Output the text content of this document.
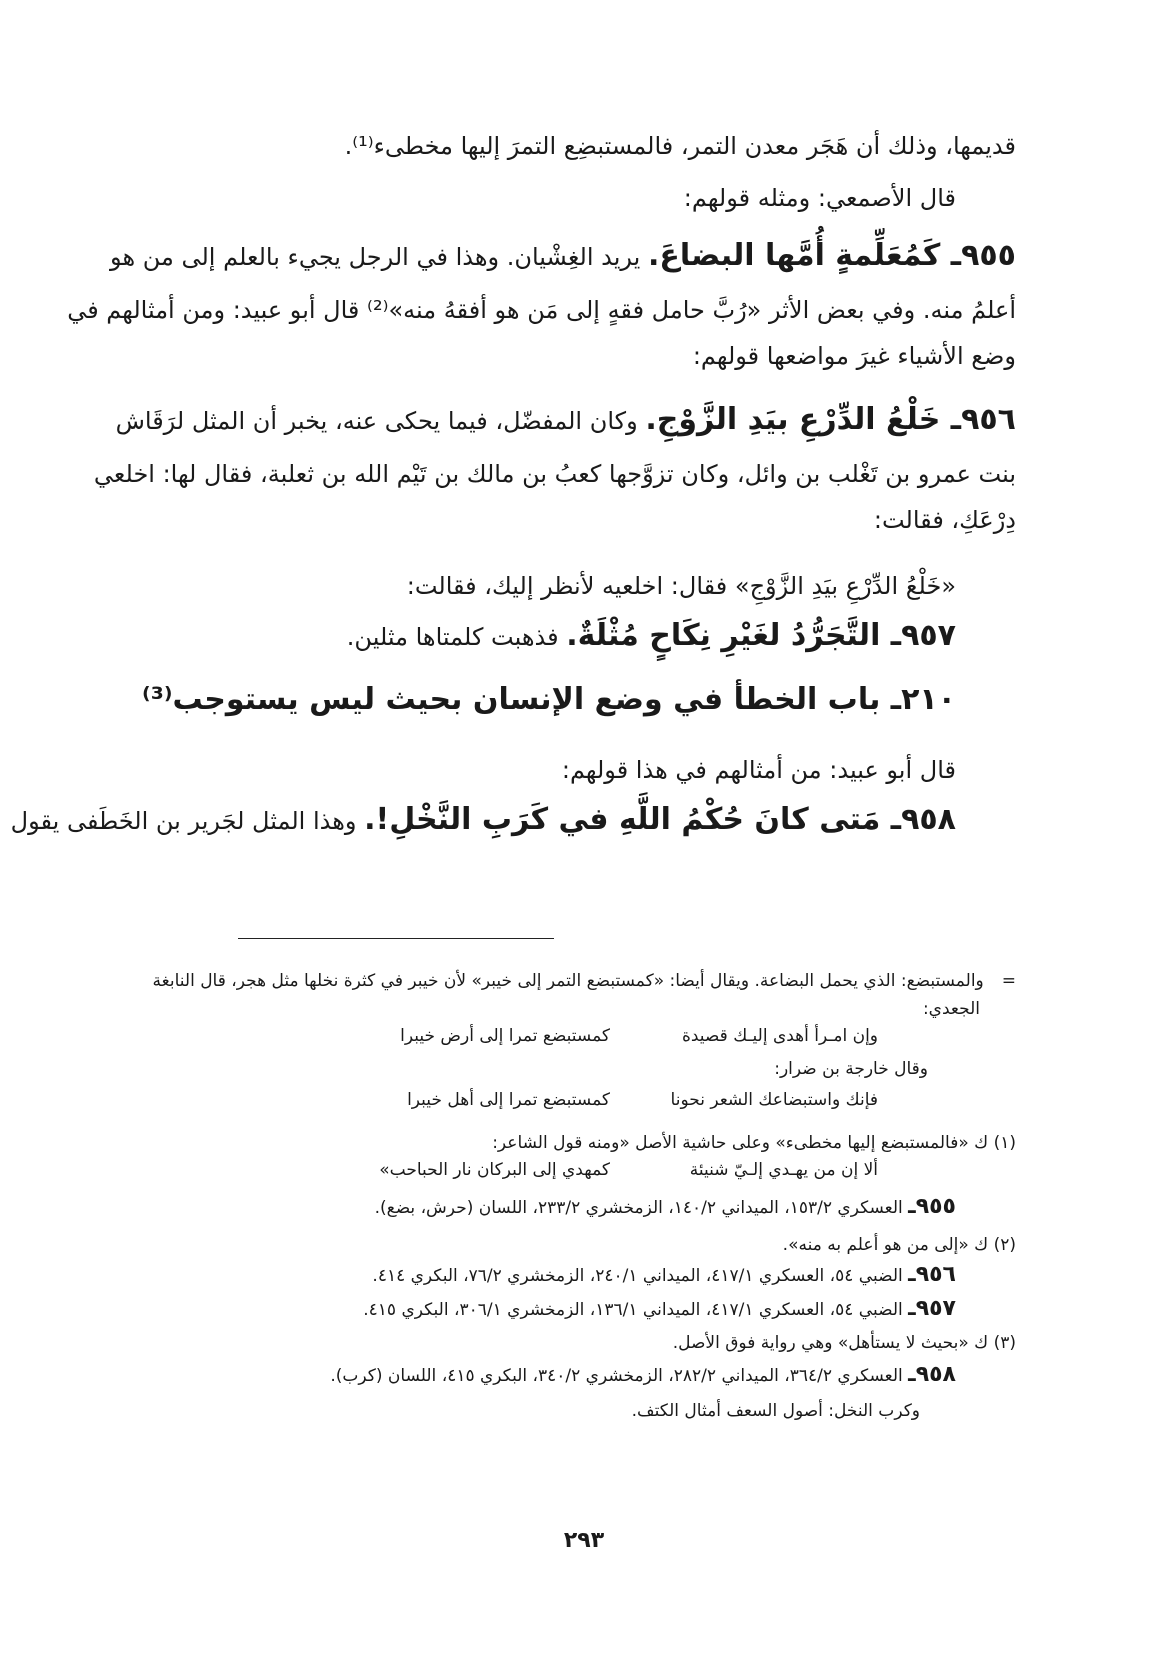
قديمها، وذلك أن هَجَر معدن التمر، فالمستبضِع التمرَ إليها مخطىء⁽¹⁾.
قال الأصمعي: ومثله قولهم:
٩٥٥ـ كَمُعَلِّمةٍ أُمَّها البضاعَ. يريد الغِشْيان. وهذا في الرجل يجيء بالعلم إلى من هو
أعلمُ منه. وفي بعض الأثر «رُبَّ حامل فقهٍ إلى مَن هو أفقهُ منه»⁽²⁾ قال أبو عبيد: ومن أمثالهم في
وضع الأشياء غيرَ مواضعها قولهم:
٩٥٦ـ خَلْعُ الدِّرْعِ بيَدِ الزَّوْجِ. وكان المفضّل، فيما يحكى عنه، يخبر أن المثل لرَقَاش
بنت عمرو بن تَغْلب بن وائل، وكان تزوَّجها كعبُ بن مالك بن تَيْم الله بن ثعلبة، فقال لها: اخلعي
دِرْعَكِ، فقالت:
«خَلْعُ الدِّرْعِ بيَدِ الزَّوْجِ» فقال: اخلعيه لأنظر إليك، فقالت:
٩٥٧ـ التَّجَرُّدُ لغَيْرِ نِكَاحٍ مُثْلَةٌ. فذهبت كلمتاها مثلين.
٢١٠ـ باب الخطأ في وضع الإنسان بحيث ليس يستوجب⁽³⁾
قال أبو عبيد: من أمثالهم في هذا قولهم:
٩٥٨ـ مَتى كانَ حُكْمُ اللَّهِ في كَرَبِ النَّخْلِ!. وهذا المثل لجَرير بن الخَطَفى يقول
=والمستبضع: الذي يحمل البضاعة. ويقال أيضا: «كمستبضع التمر إلى خيبر» لأن خيبر في كثرة نخلها مثل هجر، قال النابغة
الجعدي:
وإن امـرأ أهدى إليـك قصيدة
كمستبضع تمرا إلى أرض خيبرا
وقال خارجة بن ضرار:
فإنك واستبضاعك الشعر نحونا
كمستبضع تمرا إلى أهل خيبرا
(١) ك «فالمستبضع إليها مخطىء» وعلى حاشية الأصل «ومنه قول الشاعر:
ألا إن من يهـدي إلـيّ شنيئة
كمهدي إلى البركان نار الحباحب»
٩٥٥ـ العسكري ١٥٣/٢، الميداني ١٤٠/٢، الزمخشري ٢٣٣/٢، اللسان (حرش، بضع).
(٢) ك «إلى من هو أعلم به منه».
٩٥٦ـ الضبي ٥٤، العسكري ٤١٧/١، الميداني ٢٤٠/١، الزمخشري ٧٦/٢، البكري ٤١٤.
٩٥٧ـ الضبي ٥٤، العسكري ٤١٧/١، الميداني ١٣٦/١، الزمخشري ٣٠٦/١، البكري ٤١٥.
(٣) ك «بحيث لا يستأهل» وهي رواية فوق الأصل.
٩٥٨ـ العسكري ٣٦٤/٢، الميداني ٢٨٢/٢، الزمخشري ٣٤٠/٢، البكري ٤١٥، اللسان (كرب).
وكرب النخل: أصول السعف أمثال الكتف.
٢٩٣
